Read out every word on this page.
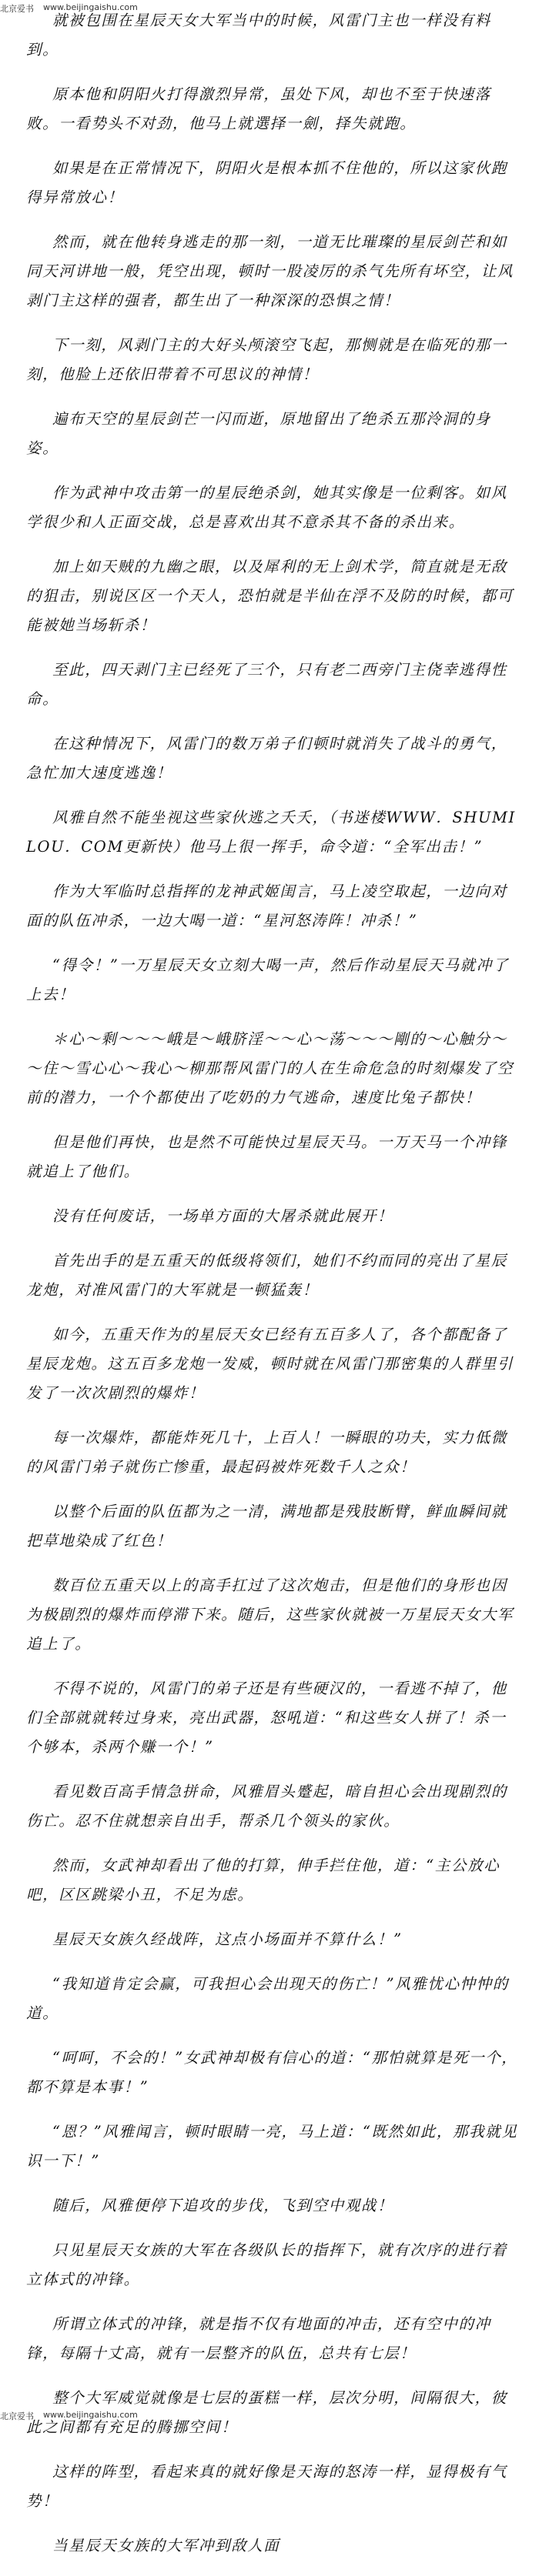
北京爱书 www.beijingaishu.com

就被包围在星辰天女大军当中的时候，风雷门主也一样没有料到。

原本他和阴阳火打得激烈异常，虽处下风，却也不至于快速落败。一看势头不对劲，他马上就選择一劍，择失就跑。

如果是在正常情况下，阴阳火是根本抓不住他的，所以这家伙跑得异常放心！

然而，就在他转身逃走的那一刻，一道无比璀璨的星辰剑芒和如同天河讲地一般，凭空出现，顿时一股凌厉的杀气先所有坏空，让风剥门主这样的强者，都生出了一种深深的恐惧之情！

下一刻，风剥门主的大好头颅滚空飞起，那恻就是在临死的那一刻，他脸上还依旧带着不可思议的神情！

遍布天空的星辰剑芒一闪而逝，原地留出了绝杀五那泠洞的身姿。

作为武神中攻击第一的星辰绝杀剑，她其实像是一位剩客。如风学很少和人正面交战，总是喜欢出其不意杀其不备的杀出来。

加上如天贼的九幽之眼，以及犀利的无上剑术学，简直就是无敌的狙击，别说区区一个天人，恐怕就是半仙在浮不及防的时候，都可能被她当场斩杀！

至此，四天剥门主已经死了三个，只有老二西旁门主侥幸逃得性命。

在这种情况下，风雷门的数万弟子们顿时就消失了战斗的勇气，急忙加大速度逃逸！

风雅自然不能坐视这些家伙逃之夭夭，（书迷楼WWW．SHUMILOU．COM更新快）他马上很一挥手，命令道：“全军出击！”

作为大军临时总指挥的龙神武姬闺言，马上凌空取起，一边向对面的队伍冲杀，一边大喝一道：“星河怒涛阵！冲杀！”

“得令！”一万星辰天女立刻大喝一声，然后作动星辰天马就冲了上去！

＊心～剩～～～峨是～峨脐淫～～心～荡～～～剛的～心触分～～住～雪心心～我心～柳那帮风雷门的人在生命危急的时刻爆发了空前的潜力，一个个都使出了吃奶的力气逃命，速度比兔子都快！

但是他们再快，也是然不可能快过星辰天马。一万天马一个冲锋就追上了他们。

没有任何废话，一场单方面的大屠杀就此展开！

首先出手的是五重天的低级将领们，她们不约而同的亮出了星辰龙炮，对准风雷门的大军就是一顿猛轰！

如今，五重天作为的星辰天女已经有五百多人了，各个都配备了星辰龙炮。这五百多龙炮一发威，顿时就在风雷门那密集的人群里引发了一次次剧烈的爆炸！

每一次爆炸，都能炸死几十，上百人！一瞬眼的功夫，实力低微的风雷门弟子就伤亡惨重，最起码被炸死数千人之众！

以整个后面的队伍都为之一清，满地都是残肢断臂，鲜血瞬间就把草地染成了红色！

数百位五重天以上的高手扛过了这次炮击，但是他们的身形也因为极剧烈的爆炸而停滞下来。随后，这些家伙就被一万星辰天女大军追上了。

不得不说的，风雷门的弟子还是有些硬汉的，一看逃不掉了，他们全部就就转过身来，亮出武器，怒吼道：“和这些女人拼了！杀一个够本，杀两个赚一个！”

看见数百高手情急拼命，风雅眉头蹙起，暗自担心会出现剧烈的伤亡。忍不住就想亲自出手，帮杀几个领头的家伙。

然而，女武神却看出了他的打算，伸手拦住他，道：“主公放心吧，区区跳梁小丑，不足为虑。

星辰天女族久经战阵，这点小场面并不算什么！”

“我知道肯定会赢，可我担心会出现天的伤亡！”风雅忧心忡忡的道。

“呵呵，不会的！”女武神却极有信心的道：“那怕就算是死一个，都不算是本事！”

“恩？”风雅闻言，顿时眼睛一亮，马上道：“既然如此，那我就见识一下！”

随后，风雅便停下追攻的步伐，飞到空中观战！

只见星辰天女族的大军在各级队长的指挥下，就有次序的进行着立体式的冲锋。

所谓立体式的冲锋，就是指不仅有地面的冲击，还有空中的冲锋，每隔十丈高，就有一层整齐的队伍，总共有七层！

整个大军威觉就像是七层的蛋糕一样，层次分明，间隔很大，彼此之间都有充足的腾挪空间！

这样的阵型，看起来真的就好像是天海的怒涛一样，显得极有气势！

当星辰天女族的大军冲到敌人面

北京爱书 www.beijingaishu.com
